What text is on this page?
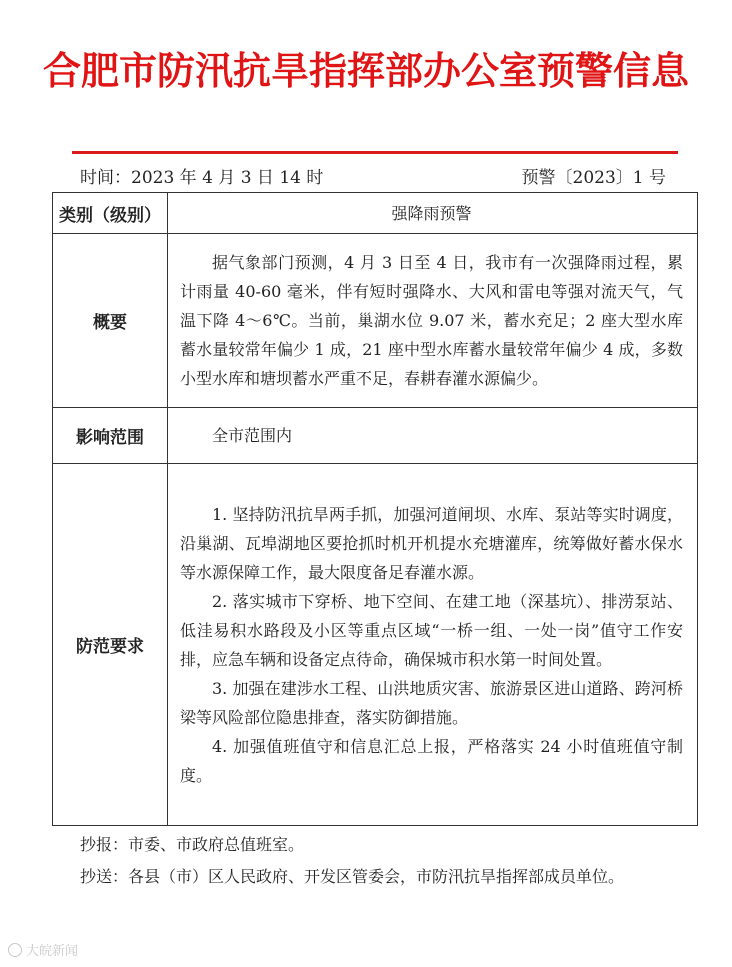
合肥市防汛抗旱指挥部办公室预警信息
时间：2023 年 4 月 3 日 14 时	预警〔2023〕1 号
类别（级别）	强降雨预警
概要	据气象部门预测，4 月 3 日至 4 日，我市有一次强降雨过程，累计雨量 40-60 毫米，伴有短时强降水、大风和雷电等强对流天气，气温下降 4～6℃。当前，巢湖水位 9.07 米，蓄水充足；2 座大型水库蓄水量较常年偏少 1 成，21 座中型水库蓄水量较常年偏少 4 成，多数小型水库和塘坝蓄水严重不足，春耕春灌水源偏少。

影响范围	全市范围内

防范要求	1. 坚持防汛抗旱两手抓，加强河道闸坝、水库、泵站等实时调度，沿巢湖、瓦埠湖地区要抢抓时机开机提水充塘灌库，统筹做好蓄水保水等水源保障工作，最大限度备足春灌水源。

2. 落实城市下穿桥、地下空间、在建工地（深基坑）、排涝泵站、低洼易积水路段及小区等重点区域“一桥一组、一处一岗”值守工作安排，应急车辆和设备定点待命，确保城市积水第一时间处置。

3. 加强在建涉水工程、山洪地质灾害、旅游景区进山道路、跨河桥梁等风险部位隐患排查，落实防御措施。

4. 加强值班值守和信息汇总上报，严格落实 24 小时值班值守制度。

抄报：市委、市政府总值班室。
抄送： 各县（市）区人民政府、开发区管委会，市防汛抗旱指挥部成员单位。
大皖新闻
